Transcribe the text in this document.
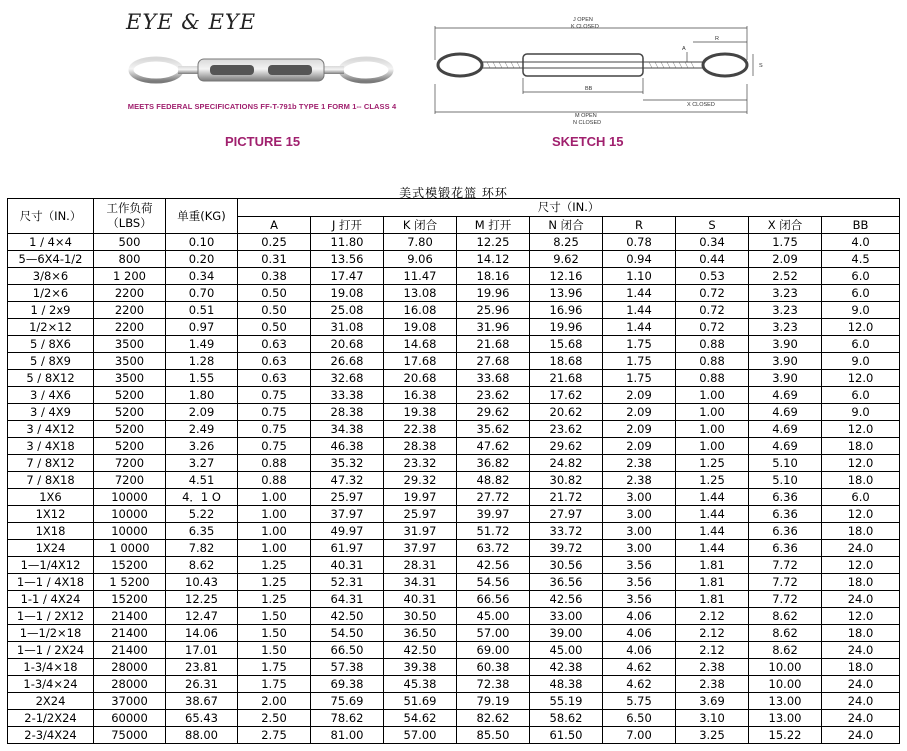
EYE & EYE
MEETS FEDERAL SPECIFICATIONS FF-T-791b TYPE 1 FORM 1-- CLASS 4
PICTURE 15
J OPEN
K CLOSED
BB
M OPEN
N CLOSED
X CLOSED
A
R
S
SKETCH 15
美式模锻花篮 环环
尺寸（IN.）	工作负荷（LBS）	单重(KG)	尺寸（IN.）								
			A	J 打开	K 闭合	M 打开	N 闭合	R	S	X 闭合	BB
1 / 4×4	500	0.10	0.25	11.80	7.80	12.25	8.25	0.78	0.34	1.75	4.0
5—6X4-1/2	800	0.20	0.31	13.56	9.06	14.12	9.62	0.94	0.44	2.09	4.5
3/8×6	1 200	0.34	0.38	17.47	11.47	18.16	12.16	1.10	0.53	2.52	6.0
1/2×6	2200	0.70	0.50	19.08	13.08	19.96	13.96	1.44	0.72	3.23	6.0
1 / 2x9	2200	0.51	0.50	25.08	16.08	25.96	16.96	1.44	0.72	3.23	9.0
1/2×12	2200	0.97	0.50	31.08	19.08	31.96	19.96	1.44	0.72	3.23	12.0
5 / 8X6	3500	1.49	0.63	20.68	14.68	21.68	15.68	1.75	0.88	3.90	6.0
5 / 8X9	3500	1.28	0.63	26.68	17.68	27.68	18.68	1.75	0.88	3.90	9.0
5 / 8X12	3500	1.55	0.63	32.68	20.68	33.68	21.68	1.75	0.88	3.90	12.0
3 / 4X6	5200	1.80	0.75	33.38	16.38	23.62	17.62	2.09	1.00	4.69	6.0
3 / 4X9	5200	2.09	0.75	28.38	19.38	29.62	20.62	2.09	1.00	4.69	9.0
3 / 4X12	5200	2.49	0.75	34.38	22.38	35.62	23.62	2.09	1.00	4.69	12.0
3 / 4X18	5200	3.26	0.75	46.38	28.38	47.62	29.62	2.09	1.00	4.69	18.0
7 / 8X12	7200	3.27	0.88	35.32	23.32	36.82	24.82	2.38	1.25	5.10	12.0
7 / 8X18	7200	4.51	0.88	47.32	29.32	48.82	30.82	2.38	1.25	5.10	18.0
1X6	10000	4．1 O	1.00	25.97	19.97	27.72	21.72	3.00	1.44	6.36	6.0
1X12	10000	5.22	1.00	37.97	25.97	39.97	27.97	3.00	1.44	6.36	12.0
1X18	10000	6.35	1.00	49.97	31.97	51.72	33.72	3.00	1.44	6.36	18.0
1X24	1 0000	7.82	1.00	61.97	37.97	63.72	39.72	3.00	1.44	6.36	24.0
1—1/4X12	15200	8.62	1.25	40.31	28.31	42.56	30.56	3.56	1.81	7.72	12.0
1—1 / 4X18	1 5200	10.43	1.25	52.31	34.31	54.56	36.56	3.56	1.81	7.72	18.0
1-1 / 4X24	15200	12.25	1.25	64.31	40.31	66.56	42.56	3.56	1.81	7.72	24.0
1—1 / 2X12	21400	12.47	1.50	42.50	30.50	45.00	33.00	4.06	2.12	8.62	12.0
1—1/2×18	21400	14.06	1.50	54.50	36.50	57.00	39.00	4.06	2.12	8.62	18.0
1—1 / 2X24	21400	17.01	1.50	66.50	42.50	69.00	45.00	4.06	2.12	8.62	24.0
1-3/4×18	28000	23.81	1.75	57.38	39.38	60.38	42.38	4.62	2.38	10.00	18.0
1-3/4×24	28000	26.31	1.75	69.38	45.38	72.38	48.38	4.62	2.38	10.00	24.0
2X24	37000	38.67	2.00	75.69	51.69	79.19	55.19	5.75	3.69	13.00	24.0
2-1/2X24	60000	65.43	2.50	78.62	54.62	82.62	58.62	6.50	3.10	13.00	24.0
2-3/4X24	75000	88.00	2.75	81.00	57.00	85.50	61.50	7.00	3.25	15.22	24.0
